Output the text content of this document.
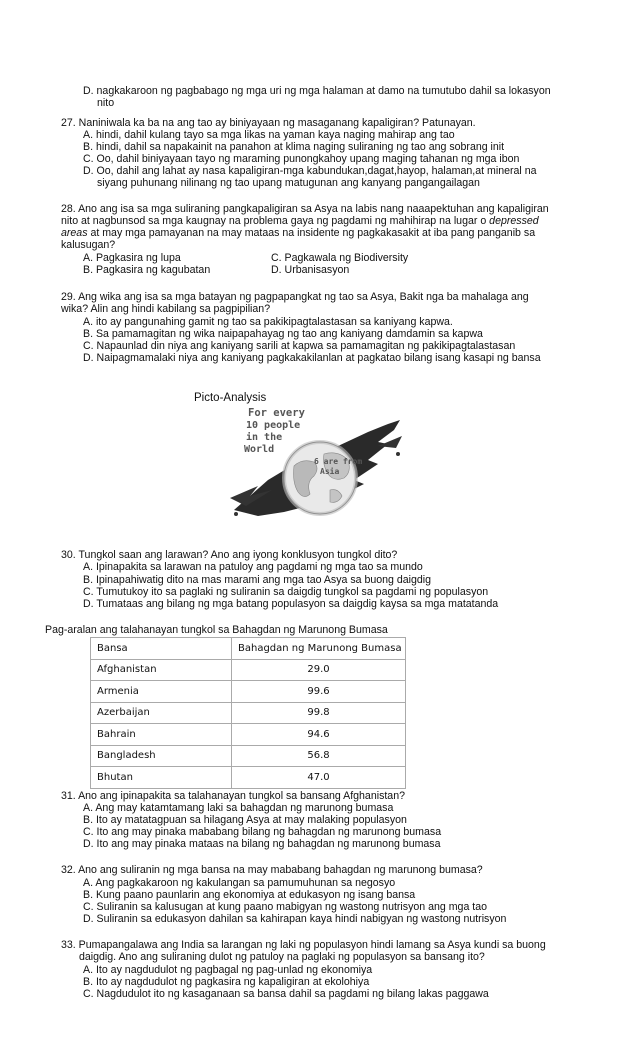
D. nagkakaroon ng pagbabago ng mga uri ng mga halaman at damo na tumutubo dahil sa lokasyon
nito
27. Naniniwala ka ba na ang tao ay biniyayaan ng masaganang kapaligiran? Patunayan.
A. hindi, dahil kulang tayo sa mga likas na yaman kaya naging mahirap ang tao
B. hindi, dahil sa napakainit na panahon at klima naging suliraning ng tao ang sobrang init
C. Oo, dahil biniyayaan tayo ng maraming punongkahoy upang maging tahanan ng mga ibon
D. Oo, dahil ang lahat ay nasa kapaligiran-mga kabundukan,dagat,hayop, halaman,at mineral na
siyang puhunang nilinang ng tao upang matugunan ang kanyang pangangailagan
28. Ano ang isa sa mga suliraning pangkapaligiran sa Asya na labis nang naaapektuhan ang kapaligiran
nito at nagbunsod sa mga kaugnay na problema gaya ng pagdami ng mahihirap na lugar o depressed
areas at may mga pamayanan na may mataas na insidente ng pagkakasakit at iba pang panganib sa
kalusugan?
A. Pagkasira ng lupa	C. Pagkawala ng Biodiversity
B. Pagkasira ng kagubatan	D. Urbanisasyon
29. Ang wika ang isa sa mga batayan ng pagpapangkat ng tao sa Asya, Bakit nga ba mahalaga ang
wika? Alin ang hindi kabilang sa pagpipilian?
A. ito ay pangunahing gamit ng tao sa pakikipagtalastasan sa kaniyang kapwa.
B. Sa pamamagitan ng wika naipapahayag ng tao ang kaniyang damdamin sa kapwa
C. Napaunlad din niya ang kaniyang sarili at kapwa sa pamamagitan ng pakikipagtalastasan
D. Naipagmamalaki niya ang kaniyang pagkakakilanlan at pagkatao bilang isang kasapi ng bansa
Picto-Analysis
For every
10 people
in the
World
6 are from
Asia
30. Tungkol saan ang larawan? Ano ang iyong konklusyon tungkol dito?
A. Ipinapakita sa larawan na patuloy ang pagdami ng mga tao sa mundo
B. Ipinapahiwatig dito na mas marami ang mga tao Asya sa buong daigdig
C. Tumutukoy ito sa paglaki ng suliranin sa daigdig tungkol sa pagdami ng populasyon
D. Tumataas ang bilang ng mga batang populasyon sa daigdig kaysa sa mga matatanda
Pag-aralan ang talahanayan tungkol sa Bahagdan ng Marunong Bumasa
Bansa	Bahagdan ng Marunong Bumasa
Afghanistan	29.0
Armenia	99.6
Azerbaijan	99.8
Bahrain	94.6
Bangladesh	56.8
Bhutan	47.0
31. Ano ang ipinapakita sa talahanayan tungkol sa bansang Afghanistan?
A. Ang may katamtamang laki sa bahagdan ng marunong bumasa
B. Ito ay matatagpuan sa hilagang Asya at may malaking populasyon
C. Ito ang may pinaka mababang bilang ng bahagdan ng marunong bumasa
D. Ito ang may pinaka mataas na bilang ng bahagdan ng marunong bumasa
32. Ano ang suliranin ng mga bansa na may mababang bahagdan ng marunong bumasa?
A. Ang pagkakaroon ng kakulangan sa pamumuhunan sa negosyo
B. Kung paano paunlarin ang ekonomiya at edukasyon ng isang bansa
C. Suliranin sa kalusugan at kung paano mabigyan ng wastong nutrisyon ang mga tao
D. Suliranin sa edukasyon dahilan sa kahirapan kaya hindi nabigyan ng wastong nutrisyon
33. Pumapangalawa ang India sa larangan ng laki ng populasyon hindi lamang sa Asya kundi sa buong
daigdig. Ano ang suliraning dulot ng patuloy na paglaki ng populasyon sa bansang ito?
A. Ito ay nagdudulot ng pagbagal ng pag-unlad ng ekonomiya
B. Ito ay nagdudulot ng pagkasira ng kapaligiran at ekolohiya
C. Nagdudulot ito ng kasaganaan sa bansa dahil sa pagdami ng bilang lakas paggawa
